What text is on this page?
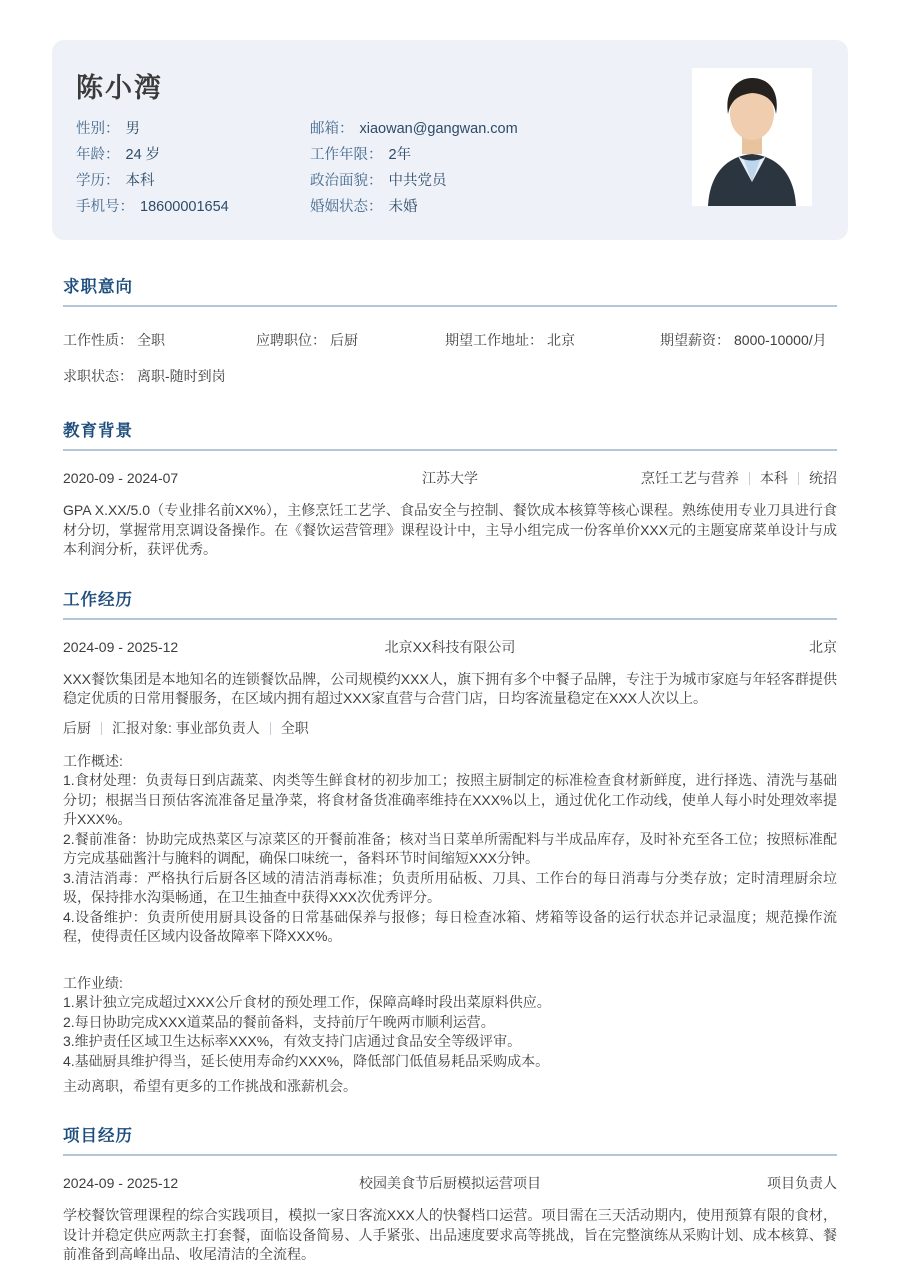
陈小湾
性别： 男
年龄： 24 岁
学历： 本科
手机号： 18600001654
邮箱： xiaowan@gangwan.com
工作年限： 2年
政治面貌： 中共党员
婚姻状态： 未婚
求职意向
工作性质： 全职	应聘职位： 后厨	期望工作地址： 北京	期望薪资： 8000-10000/月
求职状态： 离职-随时到岗
教育背景
2020-09 - 2024-07	江苏大学	烹饪工艺与营养 本科 统招
GPA X.XX/5.0（专业排名前XX%），主修烹饪工艺学、食品安全与控制、餐饮成本核算等核心课程。熟练使用专业刀具进行食材分切，掌握常用烹调设备操作。在《餐饮运营管理》课程设计中，主导小组完成一份客单价XXX元的主题宴席菜单设计与成本利润分析，获评优秀。
工作经历
2024-09 - 2025-12	北京XX科技有限公司	北京
XXX餐饮集团是本地知名的连锁餐饮品牌，公司规模约XXX人，旗下拥有多个中餐子品牌，专注于为城市家庭与年轻客群提供稳定优质的日常用餐服务，在区域内拥有超过XXX家直营与合营门店，日均客流量稳定在XXX人次以上。
后厨 汇报对象: 事业部负责人 全职
工作概述:
1.食材处理：负责每日到店蔬菜、肉类等生鲜食材的初步加工；按照主厨制定的标准检查食材新鲜度，进行择选、清洗与基础分切；根据当日预估客流准备足量净菜，将食材备货准确率维持在XXX%以上，通过优化工作动线，使单人每小时处理效率提升XXX%。
2.餐前准备：协助完成热菜区与凉菜区的开餐前准备；核对当日菜单所需配料与半成品库存，及时补充至各工位；按照标准配方完成基础酱汁与腌料的调配，确保口味统一，备料环节时间缩短XXX分钟。
3.清洁消毒：严格执行后厨各区域的清洁消毒标准；负责所用砧板、刀具、工作台的每日消毒与分类存放；定时清理厨余垃圾，保持排水沟渠畅通，在卫生抽查中获得XXX次优秀评分。
4.设备维护：负责所使用厨具设备的日常基础保养与报修；每日检查冰箱、烤箱等设备的运行状态并记录温度；规范操作流程，使得责任区域内设备故障率下降XXX%。
工作业绩:
1.累计独立完成超过XXX公斤食材的预处理工作，保障高峰时段出菜原料供应。
2.每日协助完成XXX道菜品的餐前备料，支持前厅午晚两市顺利运营。
3.维护责任区域卫生达标率XXX%，有效支持门店通过食品安全等级评审。
4.基础厨具维护得当，延长使用寿命约XXX%，降低部门低值易耗品采购成本。
主动离职，希望有更多的工作挑战和涨薪机会。
项目经历
2024-09 - 2025-12	校园美食节后厨模拟运营项目	项目负责人
学校餐饮管理课程的综合实践项目，模拟一家日客流XXX人的快餐档口运营。项目需在三天活动期内，使用预算有限的食材，设计并稳定供应两款主打套餐，面临设备简易、人手紧张、出品速度要求高等挑战，旨在完整演练从采购计划、成本核算、餐前准备到高峰出品、收尾清洁的全流程。
